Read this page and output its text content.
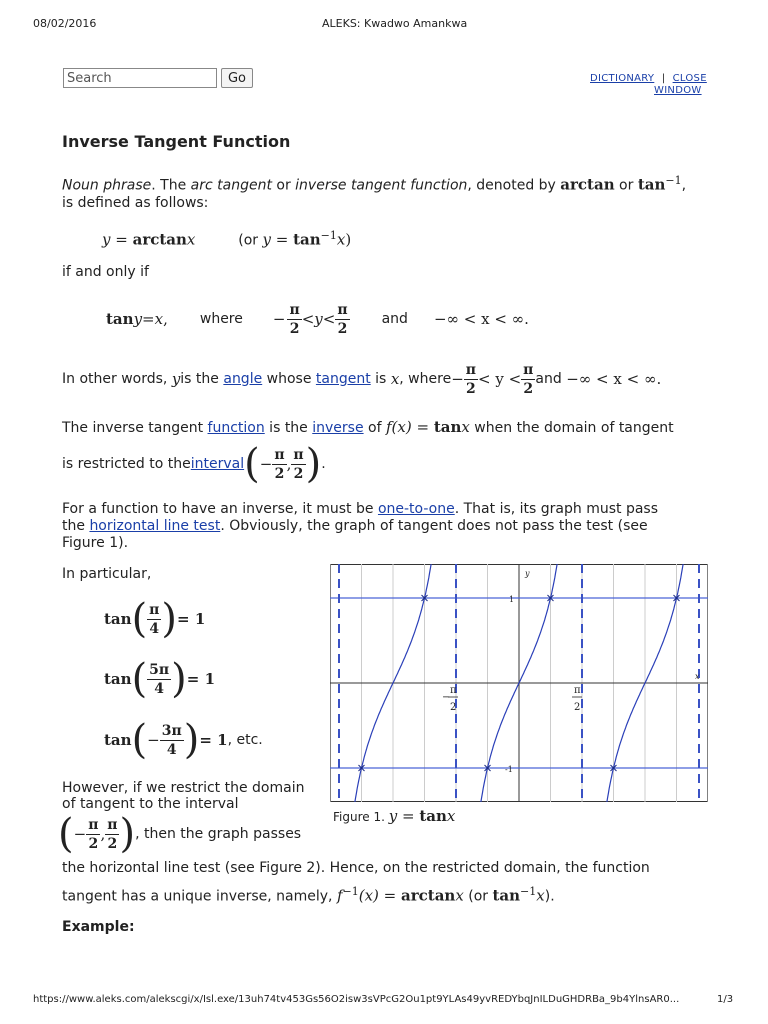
08/02/2016	ALEKS: Kwadwo Amankwa
Search
Go	DICTIONARY | CLOSE
WINDOW
Inverse Tangent Function
Noun phrase. The arc tangent or inverse tangent function, denoted by arctan or $\tan^{-1}$,
is defined as follows:
y = arctanx	(or $y = \tan^{-1}x$)
if and only if
tan y = x , where − $\frac{\pi}{2} < y < \frac{\pi}{2}$ and −∞ < x < ∞.
In other words,
y is the
angle
whose
tangent
is
x , where − $\frac{\pi}{2} < y < \frac{\pi}{2}$ and
−∞ < x < ∞.
The inverse tangent function is the inverse of f(x) = tanx when the domain of tangent
is restricted to the interval ( − $\frac{\pi}{2}$ , $\frac{\pi}{2}$ ) .
For a function to have an inverse, it must be one-to-one. That is, its graph must pass
the horizontal line test. Obviously, the graph of tangent does not pass the test (see
Figure 1).
In particular,
tan ( $\frac{\pi}{4}$ ) = 1
tan ( $\frac{5\pi}{4}$ ) = 1
tan ( − $\frac{3\pi}{4}$ ) = 1 , etc.
However, if we restrict the domain
of tangent to the interval
( − $\frac{\pi}{2}$ , $\frac{\pi}{2}$ ) , then the graph passes
the horizontal line test (see Figure 2). Hence, on the restricted domain, the function
tangent has a unique inverse, namely, $f^{-1}(x) = \arctan x$ (or $\tan^{-1}x$).
Example:
1
-1
y
x
−
π
2
π
2
Figure 1. y = tanx
https://www.aleks.com/alekscgi/x/Isl.exe/13uh74tv453Gs56O2isw3sVPcG2Ou1pt9YLAs49yvREDYbqJnILDuGHDRBa_9b4YlnsAR0...	1/3
